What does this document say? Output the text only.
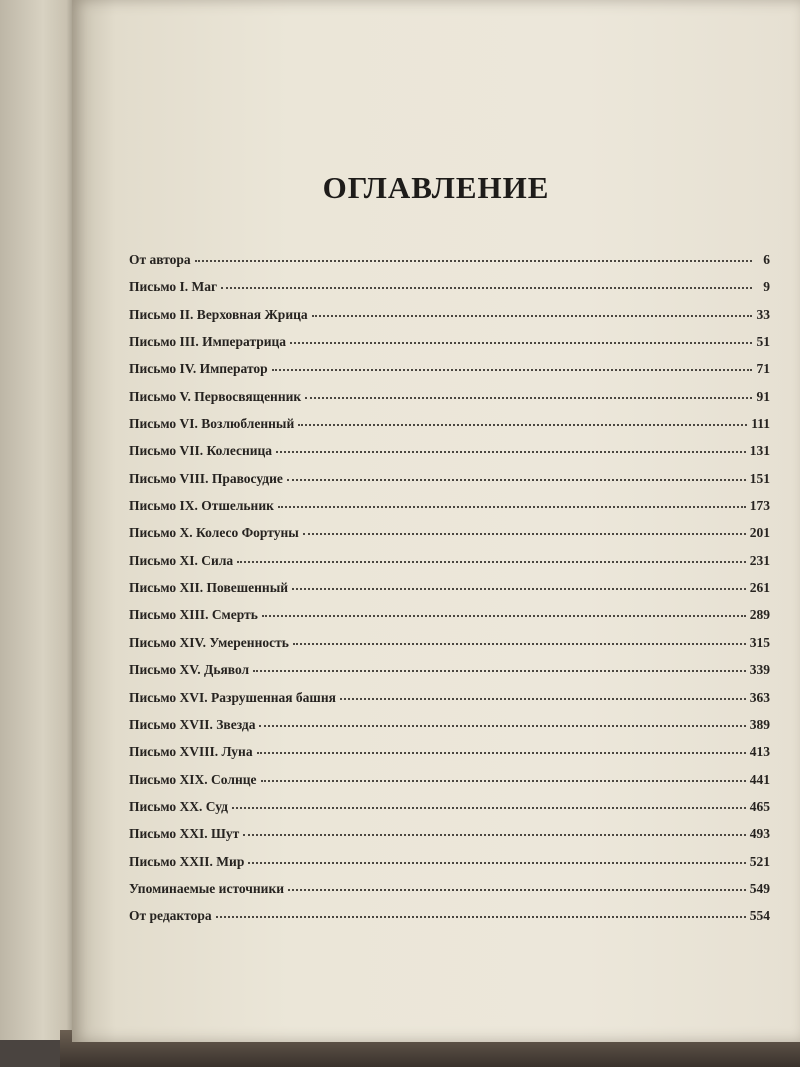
ОГЛАВЛЕНИЕ
От автора	6
Письмо I. Маг	9
Письмо II. Верховная Жрица	33
Письмо III. Императрица	51
Письмо IV. Император	71
Письмо V. Первосвященник	91
Письмо VI. Возлюбленный	111
Письмо VII. Колесница	131
Письмо VIII. Правосудие	151
Письмо IX. Отшельник	173
Письмо X. Колесо Фортуны	201
Письмо XI. Сила	231
Письмо XII. Повешенный	261
Письмо XIII. Смерть	289
Письмо XIV. Умеренность	315
Письмо XV. Дьявол	339
Письмо XVI. Разрушенная башня	363
Письмо XVII. Звезда	389
Письмо XVIII. Луна	413
Письмо XIX. Солнце	441
Письмо XX. Суд	465
Письмо XXI. Шут	493
Письмо XXII. Мир	521
Упоминаемые источники	549
От редактора	554
